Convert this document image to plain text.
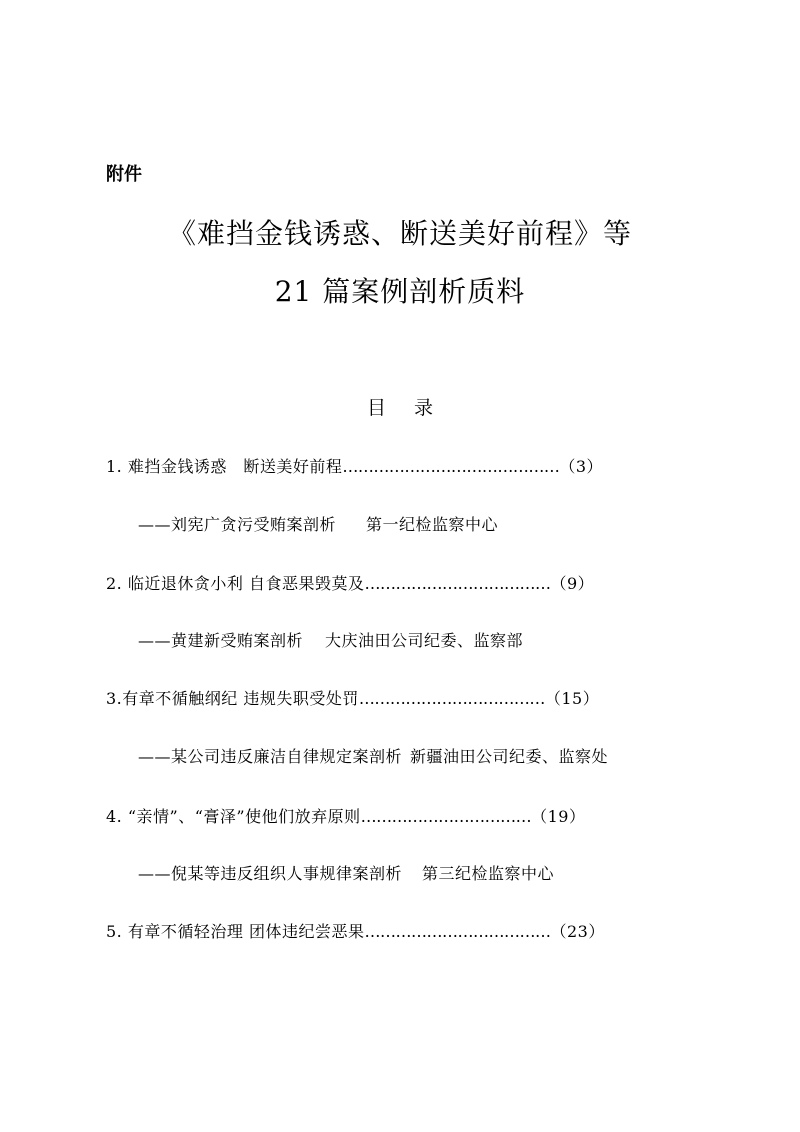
附件
《难挡金钱诱惑、断送美好前程》等
21 篇案例剖析质料
目 录
1. 难挡金钱诱惑　断送美好前程……………………………………（3）
——刘宪广贪污受贿案剖析 第一纪检监察中心
2. 临近退休贪小利 自食恶果毁莫及………………………………（9）
——黄建新受贿案剖析 大庆油田公司纪委、监察部
3.有章不循触纲纪 违规失职受处罚………………………………（15）
——某公司违反廉洁自律规定案剖析 新疆油田公司纪委、监察处
4. “亲情”、“膏泽”使他们放弃原则……………………………（19）
——倪某等违反组织人事规律案剖析 第三纪检监察中心
5. 有章不循轻治理 团体违纪尝恶果………………………………（23）
